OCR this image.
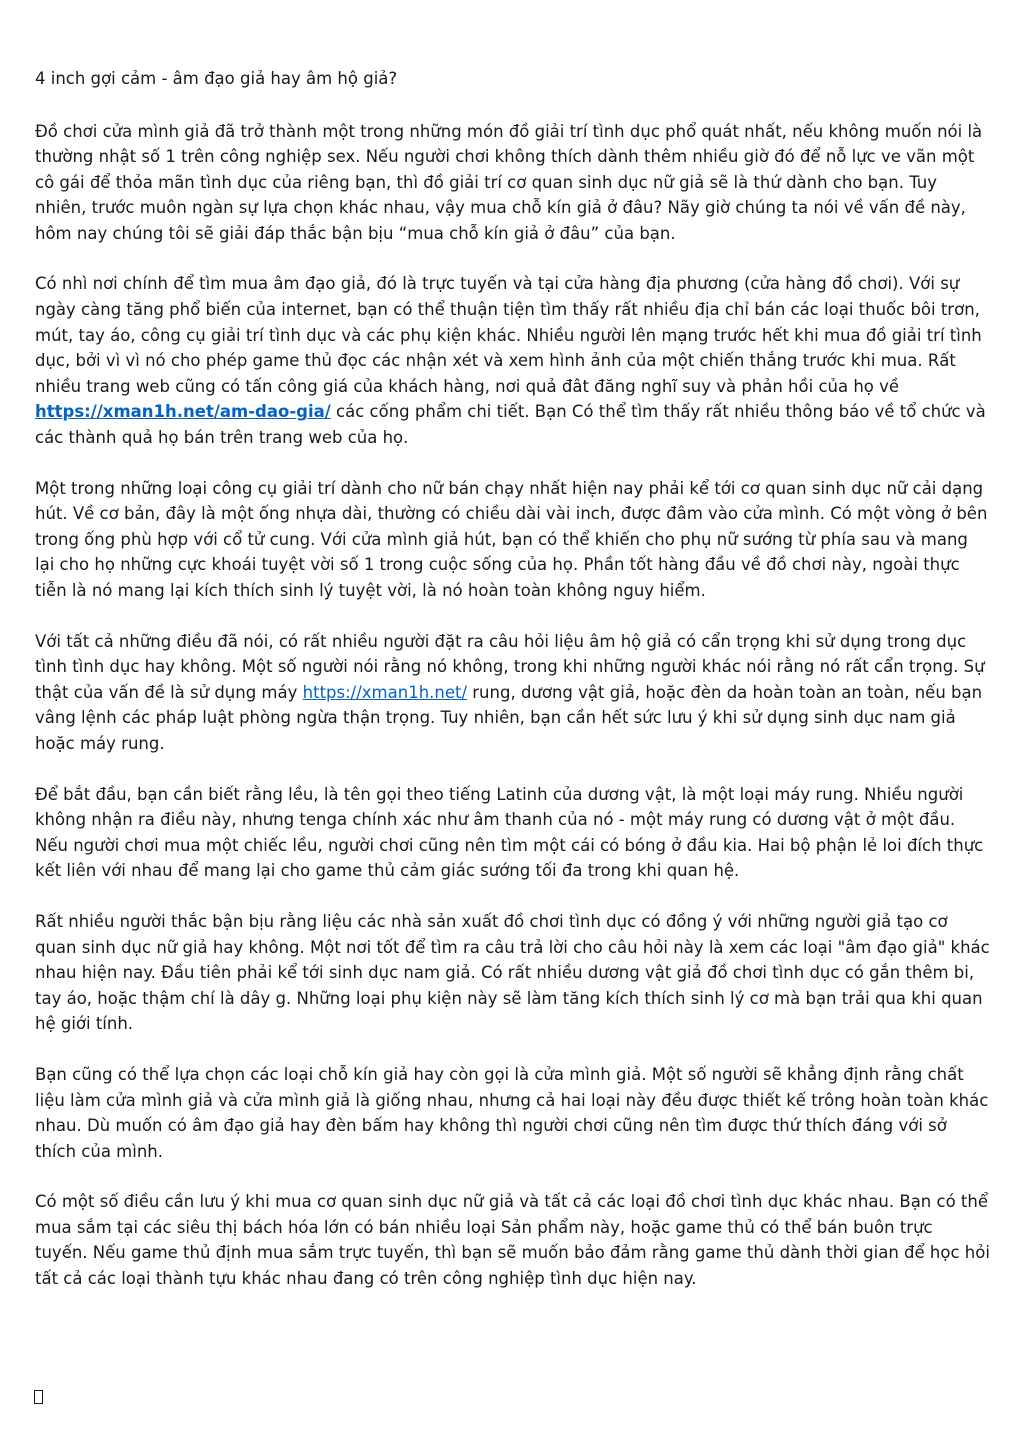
4 inch gợi cảm - âm đạo giả hay âm hộ giả?

Đồ chơi cửa mình giả đã trở thành một trong những món đồ giải trí tình dục phổ quát nhất, nếu không muốn nói là thường nhật số 1 trên công nghiệp sex. Nếu người chơi không thích dành thêm nhiều giờ đó để nỗ lực ve vãn một cô gái để thỏa mãn tình dục của riêng bạn, thì đồ giải trí cơ quan sinh dục nữ giả sẽ là thứ dành cho bạn. Tuy nhiên, trước muôn ngàn sự lựa chọn khác nhau, vậy mua chỗ kín giả ở đâu? Nãy giờ chúng ta nói về vấn đề này, hôm nay chúng tôi sẽ giải đáp thắc bận bịu “mua chỗ kín giả ở đâu” của bạn.

Có nhì nơi chính để tìm mua âm đạo giả, đó là trực tuyến và tại cửa hàng địa phương (cửa hàng đồ chơi). Với sự ngày càng tăng phổ biến của internet, bạn có thể thuận tiện tìm thấy rất nhiều địa chỉ bán các loại thuốc bôi trơn, mút, tay áo, công cụ giải trí tình dục và các phụ kiện khác. Nhiều người lên mạng trước hết khi mua đồ giải trí tình dục, bởi vì vì nó cho phép game thủ đọc các nhận xét và xem hình ảnh của một chiến thắng trước khi mua. Rất nhiều trang web cũng có tấn công giá của khách hàng, nơi quả đât đăng nghĩ suy và phản hồi của họ về https://xman1h.net/am-dao-gia/ các cống phẩm chi tiết. Bạn Có thể tìm thấy rất nhiều thông báo về tổ chức và các thành quả họ bán trên trang web của họ.

Một trong những loại công cụ giải trí dành cho nữ bán chạy nhất hiện nay phải kể tới cơ quan sinh dục nữ cải dạng hút. Về cơ bản, đây là một ống nhựa dài, thường có chiều dài vài inch, được đâm vào cửa mình. Có một vòng ở bên trong ống phù hợp với cổ tử cung. Với cửa mình giả hút, bạn có thể khiến cho phụ nữ sướng từ phía sau và mang lại cho họ những cực khoái tuyệt vời số 1 trong cuộc sống của họ. Phần tốt hàng đầu về đồ chơi này, ngoài thực tiễn là nó mang lại kích thích sinh lý tuyệt vời, là nó hoàn toàn không nguy hiểm.

Với tất cả những điều đã nói, có rất nhiều người đặt ra câu hỏi liệu âm hộ giả có cẩn trọng khi sử dụng trong dục tình tình dục hay không. Một số người nói rằng nó không, trong khi những người khác nói rằng nó rất cẩn trọng. Sự thật của vấn đề là sử dụng máy https://xman1h.net/ rung, dương vật giả, hoặc đèn da hoàn toàn an toàn, nếu bạn vâng lệnh các pháp luật phòng ngừa thận trọng. Tuy nhiên, bạn cần hết sức lưu ý khi sử dụng sinh dục nam giả hoặc máy rung.

Để bắt đầu, bạn cần biết rằng lều, là tên gọi theo tiếng Latinh của dương vật, là một loại máy rung. Nhiều người không nhận ra điều này, nhưng tenga chính xác như âm thanh của nó - một máy rung có dương vật ở một đầu. Nếu người chơi mua một chiếc lều, người chơi cũng nên tìm một cái có bóng ở đầu kia. Hai bộ phận lẻ loi đích thực kết liên với nhau để mang lại cho game thủ cảm giác sướng tối đa trong khi quan hệ.

Rất nhiều người thắc bận bịu rằng liệu các nhà sản xuất đồ chơi tình dục có đồng ý với những người giả tạo cơ quan sinh dục nữ giả hay không. Một nơi tốt để tìm ra câu trả lời cho câu hỏi này là xem các loại "âm đạo giả" khác nhau hiện nay. Đầu tiên phải kể tới sinh dục nam giả. Có rất nhiều dương vật giả đồ chơi tình dục có gắn thêm bi, tay áo, hoặc thậm chí là dây g. Những loại phụ kiện này sẽ làm tăng kích thích sinh lý cơ mà bạn trải qua khi quan hệ giới tính.

Bạn cũng có thể lựa chọn các loại chỗ kín giả hay còn gọi là cửa mình giả. Một số người sẽ khẳng định rằng chất liệu làm cửa mình giả và cửa mình giả là giống nhau, nhưng cả hai loại này đều được thiết kế trông hoàn toàn khác nhau. Dù muốn có âm đạo giả hay đèn bấm hay không thì người chơi cũng nên tìm được thứ thích đáng với sở thích của mình.

Có một số điều cần lưu ý khi mua cơ quan sinh dục nữ giả và tất cả các loại đồ chơi tình dục khác nhau. Bạn có thể mua sắm tại các siêu thị bách hóa lớn có bán nhiều loại Sản phẩm này, hoặc game thủ có thể bán buôn trực tuyến. Nếu game thủ định mua sắm trực tuyến, thì bạn sẽ muốn bảo đảm rằng game thủ dành thời gian để học hỏi tất cả các loại thành tựu khác nhau đang có trên công nghiệp tình dục hiện nay.
